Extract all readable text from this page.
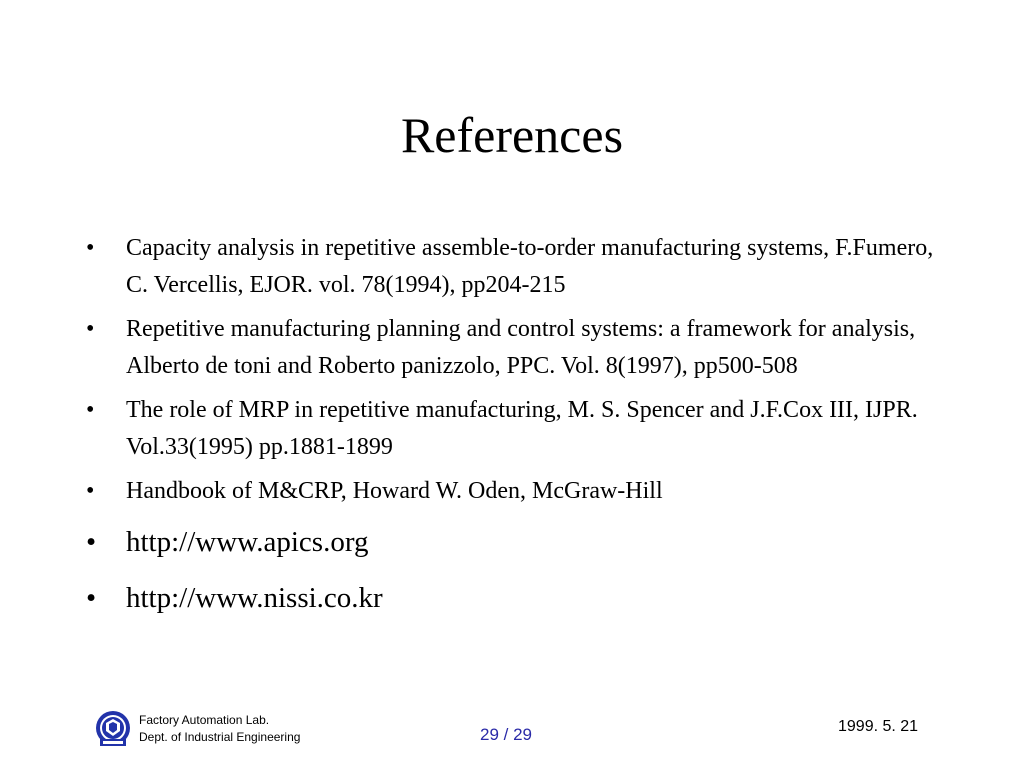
References
• Capacity analysis in repetitive assemble-to-order manufacturing systems, F.Fumero, C. Vercellis, EJOR. vol. 78(1994), pp204-215
• Repetitive manufacturing planning and control systems: a framework for analysis, Alberto de toni and Roberto panizzolo, PPC. Vol. 8(1997), pp500-508
• The role of MRP in repetitive manufacturing, M. S. Spencer and J.F.Cox III, IJPR. Vol.33(1995) pp.1881-1899
• Handbook of M&CRP, Howard W. Oden, McGraw-Hill
• http://www.apics.org
• http://www.nissi.co.kr
Factory Automation Lab.
Dept. of Industrial Engineering	29 / 29	1999. 5. 21
